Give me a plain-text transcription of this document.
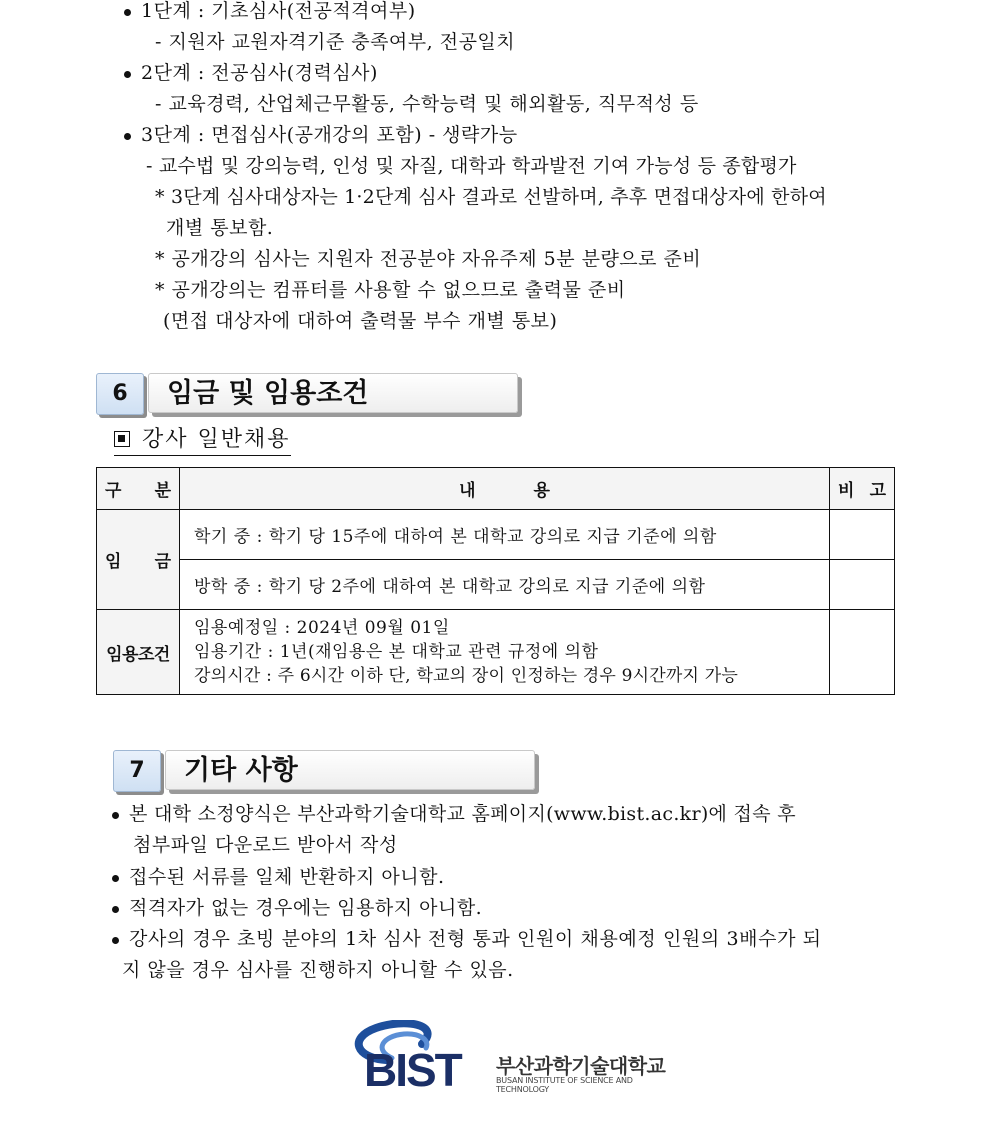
1단계 : 기초심사(전공적격여부)
- 지원자 교원자격기준 충족여부, 전공일치
2단계 : 전공심사(경력심사)
- 교육경력, 산업체근무활동, 수학능력 및 해외활동, 직무적성 등
3단계 : 면접심사(공개강의 포함) - 생략가능
- 교수법 및 강의능력, 인성 및 자질, 대학과 학과발전 기여 가능성 등 종합평가
* 3단계 심사대상자는 1·2단계 심사 결과로 선발하며, 추후 면접대상자에 한하여
개별 통보함.
* 공개강의 심사는 지원자 전공분야 자유주제 5분 분량으로 준비
* 공개강의는 컴퓨터를 사용할 수 없으므로 출력물 준비
(면접 대상자에 대하여 출력물 부수 개별 통보)
6	임금 및 임용조건
강사 일반채용
구 분	내 용	비 고

임 금	학기 중 : 학기 당 15주에 대하여 본 대학교 강의로 지급 기준에 의함	
	방학 중 : 학기 당 2주에 대하여 본 대학교 강의로 지급 기준에 의함	
임용조건	임용예정일 : 2024년 09월 01일
임용기간 : 1년(재임용은 본 대학교 관련 규정에 의함
강의시간 : 주 6시간 이하 단, 학교의 장이 인정하는 경우 9시간까지 가능	

7	기타 사항
본 대학 소정양식은 부산과학기술대학교 홈페이지(www.bist.ac.kr)에 접속 후
첨부파일 다운로드 받아서 작성
접수된 서류를 일체 반환하지 아니함.
적격자가 없는 경우에는 임용하지 아니함.
강사의 경우 초빙 분야의 1차 심사 전형 통과 인원이 채용예정 인원의 3배수가 되
지 않을 경우 심사를 진행하지 아니할 수 있음.
BIST 부산과학기술대학교
BUSAN INSTITUTE OF SCIENCE AND TECHNOLOGY
